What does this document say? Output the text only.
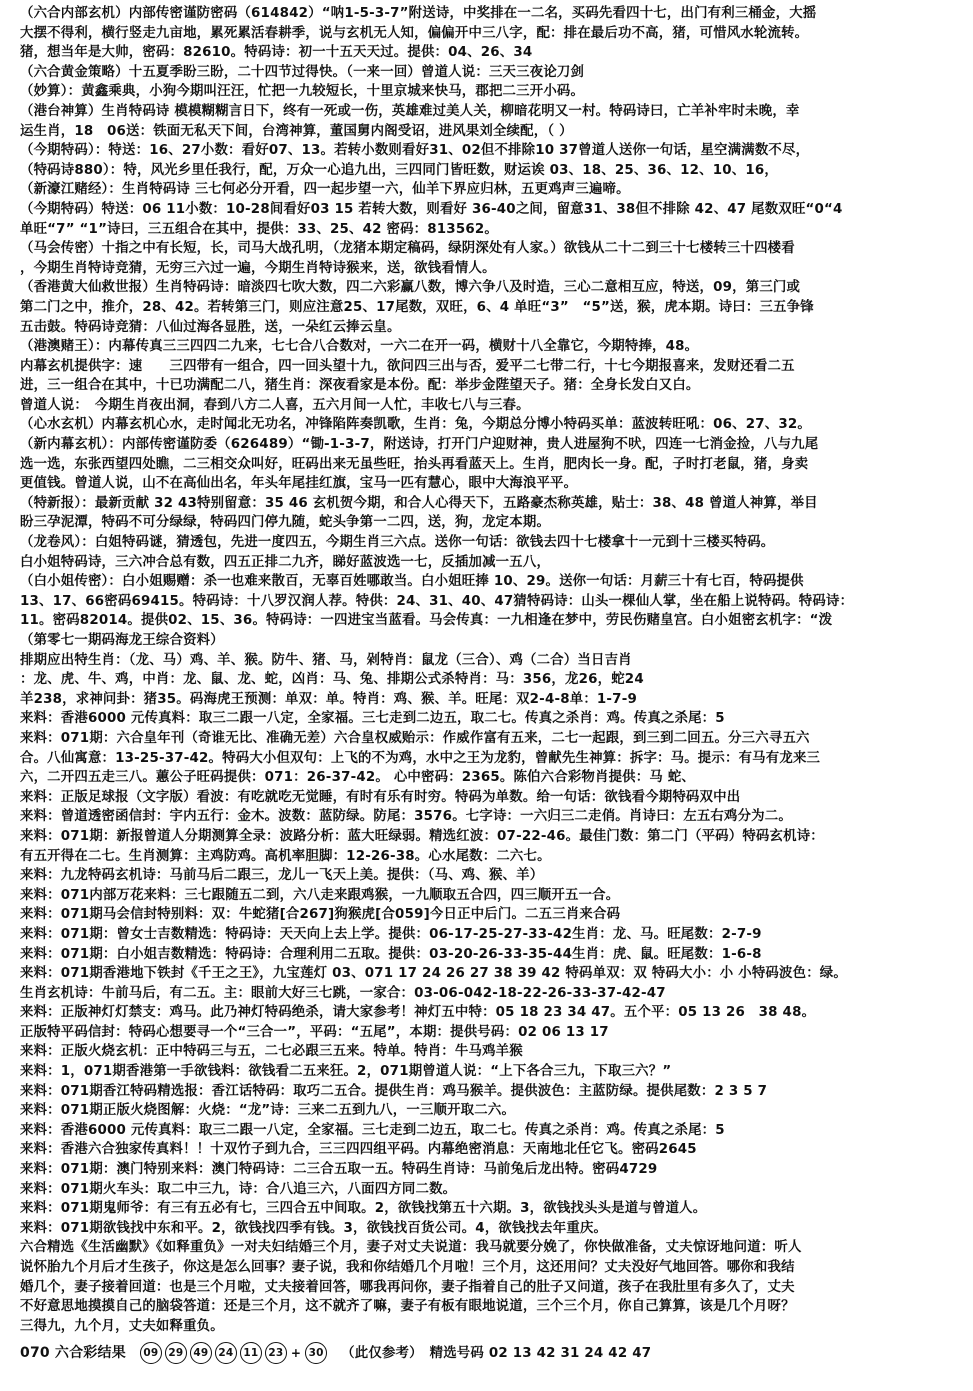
（六合内部玄机）内部传密谨防密码（614842）“呐1-5-3-7”附送诗，中奖排在一二名，买码先看四十七，出门有利三桶金，大摇
大摆不得利，横行竖走九亩地，累死累活春耕季，说与玄机无人知，偏偏开中三八字，配：排在最后功不高，猪，可惜风水轮流转。
猪，想当年是大帅，密码：82610。特码诗：初一十五天天过。提供：04、26、34
（六合黄金策略）十五夏季盼三盼，二十四节过得快。（一来一回）曾道人说：三天三夜论刀剑
（妙算）：黄鑫乘典，小狗今期叫汪汪，忙把一九较短长，十里京城来快马，郡把二三开小码。
（港台神算）生肖特码诗 模模糊糊言日下，终有一死或一伤，英雄难过美人关，柳暗花明又一村。特码诗曰，亡羊补牢时未晚，幸
运生肖，18　06送：铁面无私天下间，台湾神算，董国舅内阁受诏，进风果刘全续配，（ ）
（今期特码）：特送：16、27小数：看好07、13。若转小数则看好31、02但不排除10 37曾道人送你一句话，星空满满数不尽，
（特码诗880）：特，风光乡里任我行，配，万众一心追九出，三四同门皆旺数，财运诶 03、18、25、36、12、10、16，
（新濠江赌经）：生肖特码诗 三七何必分开看，四一起步望一六，仙羊下界应归林，五更鸡声三遍啼。
（今期特码）特送：06 11小数：10-28间看好03 15 若转大数，则看好 36-40之间，留意31、38但不排除 42、47 尾数双旺“0“4
单旺“7” “1”诗曰，三五组合在其中，提供：33、25、42 密码：813562。
（马会传密）十指之中有长短，长，司马大战孔明，（龙猪本期定稿码，绿阴深处有人家。）欲钱从二十二到三十七楼转三十四楼看
，今期生肖特诗竞猜，无穷三六过一遍，今期生肖特诗猴来，送，欲钱看情人。
（香港黄大仙救世报）生肖特码诗：暗淡四七吹大数，四二六彩赢八数，博六争八及时造，三心二意相互应，特送，09，第三门或
第二门之中，推介，28、42。若转第三门，则应注意25、17尾数，双旺，6、4 单旺“3”　“5”送，猴，虎本期。诗曰：三五争锋
五击鼓。特码诗竞猜：八仙过海各显胜，送，一朵红云捧云皇。
（港澳赌王）：内幕传真三三四四二九来，七七合八合数对，一六二在开一码，横财十八全靠它，今期特捧，48。
内幕玄机提供字：速　　三四带有一组合，四一回头望十九，欲问四三出与否，爱平二七带二行，十七今期报喜来，发财还看二五
进，三一组合在其中，十已功满配二八，猪生肖：深夜看家是本份。配：举步金陛望天子。猪：全身长发白又白。
曾道人说：　今期生肖夜出洞，春到八方二人喜，五六月间一人忙，丰收七八与三春。
（心水玄机）内幕玄机心水，走时闻北无功名，冲锋陷阵奏凯歌，生肖：兔，今期总分博小特码买单：蓝波转旺吼：06、27、32。
（新内幕玄机）：内部传密谨防委（626489）“锄-1-3-7，附送诗，打开门户迎财神，贵人进屋狗不吠，四连一七消金捡，八与九尾
选一选，东张西望四处瞧，二三相交众叫好，旺码出来无虽些旺，抬头再看蓝天上。生肖，肥肉长一身。配，子时打老鼠，猪，身卖
更值钱。曾道人说，山不在高仙出名，年头年尾挂红旗，宝马一匹有慧心，眼中大海浪平平。
（特新报）：最新贡献 32 43特别留意：35 46 玄机贺今期，和合人心得天下，五路豪杰称英雄，贴士：38、48 曾道人神算，举目
盼三孕泥潭，特码不可分绿绿，特码四门停九随，蛇头争第一二四，送，狗，龙定本期。
（龙卷风）：白姐特码谜，猜透包，先进一度四五，今期生肖三六点。送你一句话：欲钱去四十七楼拿十一元到十三楼买特码。
白小姐特码诗，三六冲合总有数，四五正排二九齐，睇好蓝波选一七，反插加减一五八，
（白小姐传密）：白小姐赐赠：杀一也难来散百，无辜百姓哪敢当。白小姐旺捧 10、29。送你一句话：月薪三十有七百，特码提供
13、17、66密码69415。特码诗：十八罗汉润人荐。特供：24、31、40、47猜特码诗：山头一棵仙人掌，坐在船上说特码。特码诗：
11。密码82014。提供02、15、36。特码诗：一四进宝当蓝看。马会传真：一九相逢在梦中，劳民伤赌皇宫。白小姐密玄机字：“泼
（第零七一期码海龙王综合资料）
排期应出特生肖：（龙、马）鸡、羊、猴。防牛、猪、马，剁特肖：鼠龙（三合）、鸡（二合）当日吉肖
：龙、虎、牛、鸡，中肖：龙、鼠、龙、蛇，凶肖：马、兔、排期公式杀特肖：马：356，龙26，蛇24
羊238，求神问卦：猪35。码海虎王预测：单双：单。特肖：鸡、猴、羊。旺尾：双2-4-8单：1-7-9
来料：香港6000 元传真料：取三二跟一八定，全家福。三七走到二边五，取二七。传真之杀肖：鸡。传真之杀尾：5
来料：071期：六合皇年刊（奇谁无比、准确无差）六合皇权威贻示：作威作富有五来，二七一起跟，到三到二回五。分三六寻五六
合。八仙寓意：13-25-37-42。特码大小但双句：上飞的不为鸡，水中之王为龙豹，曾献先生神算：拆字：马。提示：有马有龙来三
六，二开四五走三八。蕙公子旺码提供：071：26-37-42。 心中密码：2365。陈伯六合彩物肖提供：马 蛇、
来料：正版足球报（文字版）看波：有吃就吃无觉睡，有时有乐有时穷。特码为单数。给一句话：欲钱看今期特码双中出
来料：曾道透密函信封：宇内五行：金木。波数：蓝防绿。防尾：3576。七字诗：一六归三二走俏。肖诗曰：左五右鸡分为二。
来料：071期：新报曾道人分期测算全录：波路分析：蓝大旺绿弱。精选红波：07-22-46。最佳门数：第二门（平码）特码玄机诗：
有五开得在二七。生肖测算：主鸡防鸡。高机率胆脚：12-26-38。心水尾数：二六七。
来料：九龙特码玄机诗：马前马后二跟三，龙儿一飞天上美。提供：（马、鸡、猴、羊）
来料：071内部万花来料：三七跟随五二到，六八走来跟鸡猴，一九顺取五合四，四三顺开五一合。
来料：071期马会信封特别料：双：牛蛇猪[合267]狗猴虎[合059]今日正中后门。二五三肖来合码
来料：071期：曾女士吉数精选：特码诗：天天向上去上学。提供：06-17-25-27-33-42生肖：龙、马。旺尾数：2-7-9
来料：071期：白小姐吉数精选：特码诗：合理利用二五取。提供：03-20-26-33-35-44生肖：虎、鼠。旺尾数：1-6-8
来料：071期香港地下铁封《千王之王》，九宝莲灯 03、071 17 24 26 27 38 39 42 特码单双：双 特码大小：小 小特码波色：绿。
生肖玄机诗：牛前马后，有二五。主：眼前大好三七跳，一家合：03-06-042-18-22-26-33-37-42-47
来料：正版神灯灯禁支：鸡马。此乃神灯特码绝杀，请大家参考！神灯五中特：05 18 23 34 47。五个平：05 13 26　38 48。
正版特平码信封：特码心想要寻一个“三合一”，平码：“五尾”，本期：提供号码：02 06 13 17
来料：正版火烧玄机：正中特码三与五，二七必跟三五来。特单。特肖：牛马鸡羊猴
来料：1，071期香港第一手欲钱料：欲钱看二五来狂。2，071期曾道人说：“上下各合三九，下取三六？”
来料：071期香江特码精选报：香江话特码：取巧二五合。提供生肖：鸡马猴羊。提供波色：主蓝防绿。提供尾数：2 3 5 7
来料：071期正版火烧图解：火烧：“龙”诗：三来二五到九八，一三顺开取二六。
来料：香港6000 元传真料：取三二跟一八定，全家福。三七走到二边五，取二七。传真之杀肖：鸡。传真之杀尾：5
来料：香港六合独家传真料！！十双竹子到九合，三三四四组平码。内幕绝密消息：天南地北任它飞。密码2645
来料：071期：澳门特别来料：澳门特码诗：二三合五取一五。特码生肖诗：马前兔后龙出特。密码4729
来料：071期火车头：取二中三九，诗：合八追三六，八面四方同二数。
来料：071期鬼师爷：有三有五必有七，三四合五中间取。2，欲钱找第五十六期。3，欲钱找头头是道与曾道人。
来料：071期欲钱找中东和平。2，欲钱找四季有钱。3，欲钱找百货公司。4，欲钱找去年重庆。
六合精选《生活幽默》《如释重负》一对夫妇结婚三个月，妻子对丈夫说道：我马就要分娩了，你快做准备，丈夫惊讶地问道：听人
说怀胎九个月后才生孩子，你这是怎么回事？妻子说，我和你结婚几个月啦！三个月，这还用问？丈夫没好气地回答。哪你和我结
婚几个，妻子接着回道：也是三个月啦，丈夫接着回答，哪我再问你，妻子指着自己的肚子又问道，孩子在我肚里有多久了，丈夫
不好意思地摸摸自己的脑袋答道：还是三个月，这不就齐了嘛，妻子有板有眼地说道，三个三个月，你自己算算，该是几个月呀？
三得九，九个月，丈夫如释重负。
070 六合彩结果	09 29 49 24 11 23 + 30 （此仅参考）　精选号码 02 13 42 31 24 42 47
